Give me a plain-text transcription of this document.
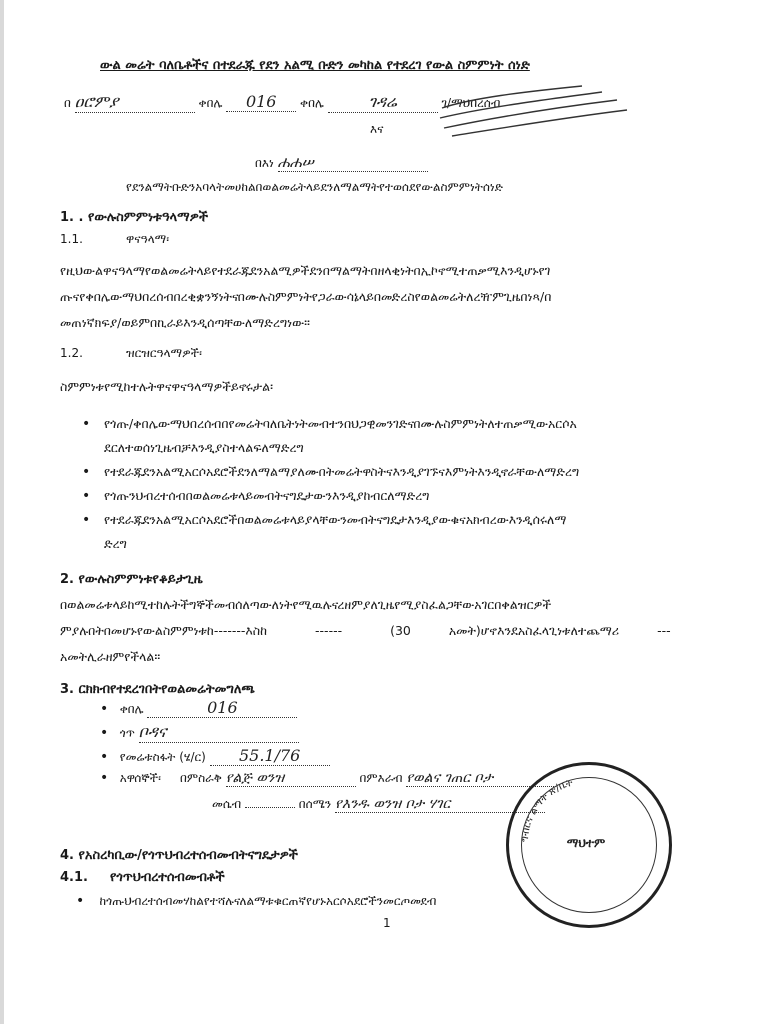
ውል መሬት ባለቤቶችና በተደራጁ የደን አልሚ ቡድን መካከል የተደረገ የውል ስምምነት ሰነድ
በ ዐሮምያ	ቀበሌ 016 ቀበሌ	ገዳሬ	ገ/ማህበረሰብ
እና
በእነ ሐሐሠ
የደንልማትቡድንአባላትመሀከልበወልመሬትላይደንለማልማትየተወሰደየውልስምምነትሰነድ
1. . የውሉስምምነቱዓላማዎች
1.1.	ዋናዓላማ፡
የዚህውልዋናዓላማየወልመሬትላይየተደራጁደንአልሚዎችደንበማልማትበዘላቂነትበኢኮኖሚተጠቃሚእንዲሆኑየገ
ጡናየቀበሌውማህበረሰብበረቂቋንኝነትናበሙሉስምምነትየጋራውሳኔላይበመድረስየወልመሬትለረዥምጊዜበነጻ/በ
መጠነኛክፍያ/ወይምበኪራይእንዲሰጣቸውለማድረግነው።
1.2.	ዝርዝርዓላማዎች፡
ስምምነቱየሚከተሉትዋናዋናዓላማዎችይኖሩታል፡
• የጎጡ/ቀበሌውማህበረሰብበየመሬትባለቤትነትመብተንበህጋዊመንገድናበሙሉስምምነትለተጠቃሚውአርሶአ
ደርለተወሰነጊዜብቻእንዲያስተላልፍለማድረግ
• የተደራጁደንአልሚአርሶአደሮችደንለማልማያለሙበትመሬትዋስትናእንዲያገኙናእምነትእንዲኖራቸውለማድረግ
• የጎጡንህብረተሰብበወልመሬቱላይመብትናግዴታውንእንዲያከብርለማድረግ
• የተደራጁደንአልሚአርሶአደሮችበወልመሬቱላይያላቸውንመብትናግዴታእንዲያውቁናአክብረውእንዲሰሩለማ
ድረግ
2. የውሉስምምነቱየቆይታጊዜ
በወልመሬቱላይከሚተከሉትችግኞችመብሰለጣውለነትየሚዉሉናረዘምያለጊዜየሚያስፈልጋቸውአገርበቀልዝርዎች
ምያሉበትበመሆኑየውልስምምነቱከ-------እስከ	------	(30	አመት)ሆኖእንደአስፈላጊነቱለተጨማሪ	---
አመትሊራዘምየችላል።
3. ርክክብየተደረገበትየወልመሬትመግለጫ
• ቀበሌ	016
• ጎጥ ቦዳና
• የመሬቱስፋት (ሄ/ር) 55.1/76
• አዋሰኞች፡ በምስራቅ የልጅ ወንዝ	በምእራብ የወልና ገጠር ቦታ
መሴብ	በሰሜን የእንዱ ወንዝ ቦታ ሃገር
4. የአስረካቢው/የጎጥህብረተሰብመብትናግዴታዎች
4.1. የጎጥህብረተሰብመብቶች
• ከጎጡህብረተሰብመሃከልየተሻሉናለልማቱቁርጠኛየሆኑአርሶአደሮችንመርጦመደብ
ግብርና ልማት ጽ/ቤት
ማህተም
1
